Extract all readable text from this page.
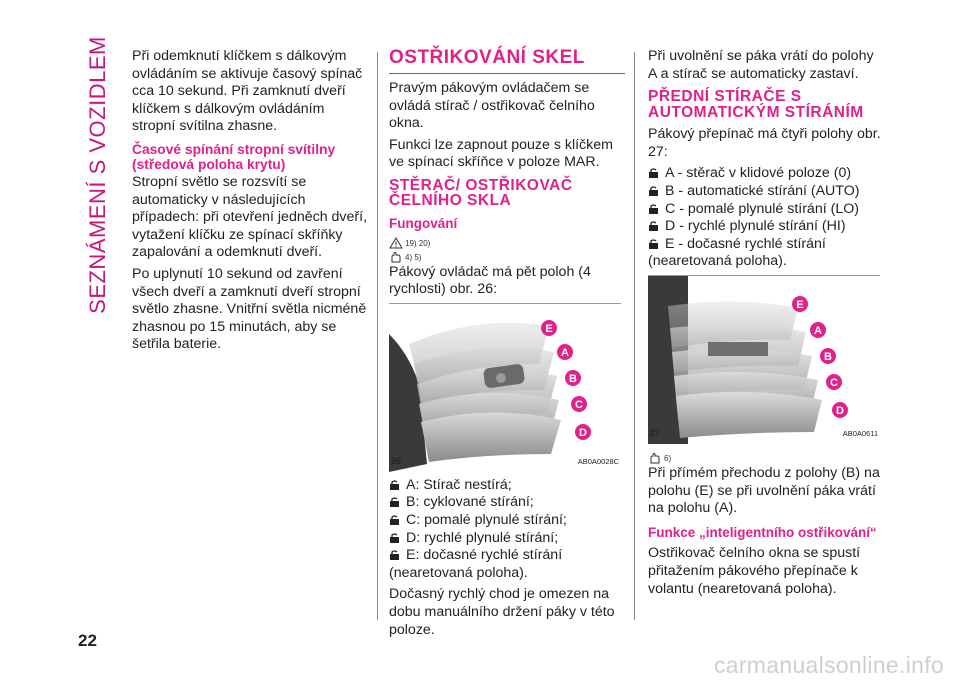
SEZNÁMENÍ S VOZIDLEM Při odemknutí klíčkem s dálkovým ovládáním se aktivuje časový spínač cca 10 sekund. Při zamknutí dveří klíčkem s dálkovým ovládáním stropní svítilna zhasne.

Časové spínání stropní svítilny (středová poloha krytu)

Stropní světlo se rozsvítí se automaticky v následujících případech: při otevření jedněch dveří, vytažení klíčku ze spínací skříňky zapalování a odemknutí dveří.

Po uplynutí 10 sekund od zavření všech dveří a zamknutí dveří stropní světlo zhasne. Vnitřní světla nicméně zhasnou po 15 minutách, aby se šetřila baterie.

OSTŘIKOVÁNÍ SKEL

Pravým pákovým ovládačem se ovládá stírač / ostřikovač čelního okna.

Funkci lze zapnout pouze s klíčkem ve spínací skříňce v poloze MAR.

STĚRAČ/ OSTŘIKOVAČ ČELNÍHO SKLA
Fungování
19) 20)
4) 5)

Pákový ovládač má pět poloh (4 rychlosti) obr. 26:

E
A
B
C
D
26	AB0A0028C
A: Stírač nestírá;
B: cyklované stírání;
C: pomalé plynulé stírání;
D: rychlé plynulé stírání;
E: dočasné rychlé stírání

(nearetovaná poloha).

Dočasný rychlý chod je omezen na dobu manuálního držení páky v této poloze.

Při uvolnění se páka vrátí do polohy A a stírač se automaticky zastaví.

PŘEDNÍ STÍRAČE S AUTOMATICKÝM STÍRÁNÍM

Pákový přepínač má čtyři polohy obr. 27:

A - stěrač v klidové poloze (0)
B - automatické stírání (AUTO)
C - pomalé plynulé stírání (LO)
D - rychlé plynulé stírání (HI)
E - dočasné rychlé stírání

(nearetovaná poloha).

E
A
B
C
D
27	AB0A0611
6)

Při přímém přechodu z polohy (B) na polohu (E) se při uvolnění páka vrátí na polohu (A).

Funkce „inteligentního ostřikování“

Ostřikovač čelního okna se spustí přitažením pákového přepínače k volantu (nearetovaná poloha).

22
carmanualsonline.info
